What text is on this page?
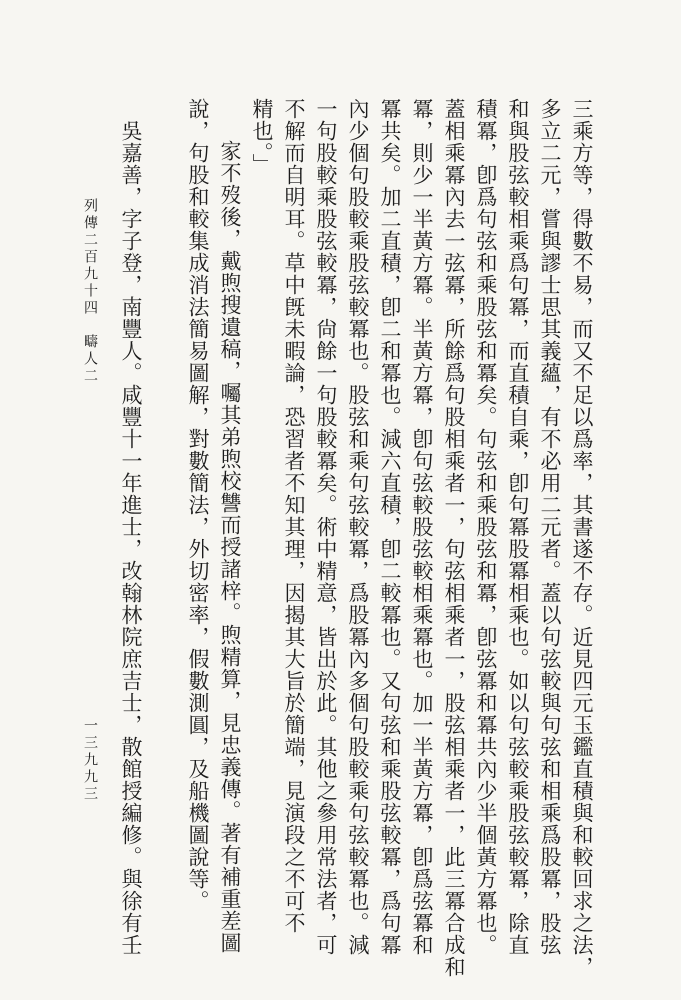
三乘方等，得數不易，而又不足以爲率，其書遂不存。近見四元玉鑑直積與和較回求之法，
多立二元，嘗與謬士思其義蘊，有不必用二元者。蓋以句弦較與句弦和相乘爲股冪，股弦
和與股弦較相乘爲句冪，而直積自乘，卽句冪股冪相乘也。如以句弦較乘股弦較冪，除直
積冪，卽爲句弦和乘股弦和冪矣。句弦和乘股弦和冪，卽弦冪和冪共內少半個黃方冪也。
蓋相乘冪內去一弦冪，所餘爲句股相乘者一，句弦相乘者一，股弦相乘者一，此三冪合成和
冪，則少一半黃方冪。半黃方冪，卽句弦較股弦較相乘冪也。加一半黃方冪，卽爲弦冪和
冪共矣。加二直積，卽二和冪也。減六直積，卽二較冪也。又句弦和乘股弦較冪，爲句冪
內少個句股較乘股弦較冪也。股弦和乘句弦較冪，爲股冪內多個句股較乘句弦較冪也。減
一句股較乘股弦較冪，尙餘一句股較冪矣。術中精意，皆出於此。其他之參用常法者，可
不解而自明耳。草中旣未暇論，恐習者不知其理，因揭其大旨於簡端，見演段之不可不
精也。」
家不歿後，戴煦搜遺稿，囑其弟煦校讐而授諸梓。煦精算，見忠義傳。著有補重差圖
說，句股和較集成消法簡易圖解，對數簡法，外切密率，假數測圓，及船機圖說等。
吳嘉善，字子登，南豐人。咸豐十一年進士，改翰林院庶吉士，散館授編修。與徐有壬
列傳二百九十四　疇人二
一三九九三
